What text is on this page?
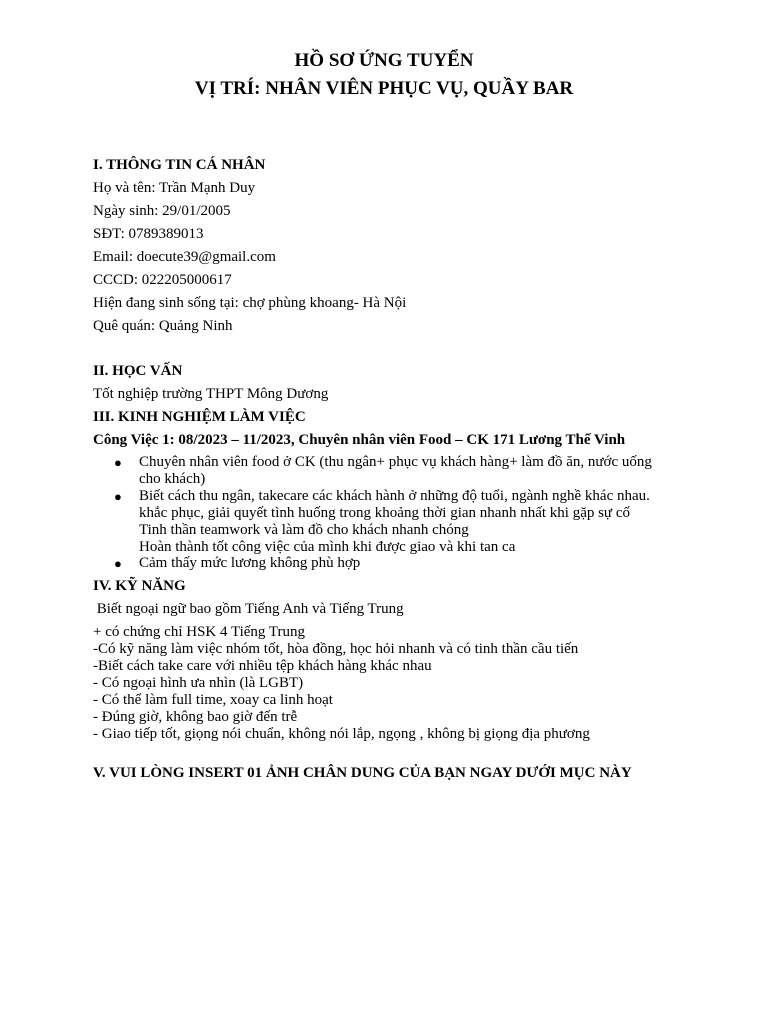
HỒ SƠ ỨNG TUYỂN
VỊ TRÍ: NHÂN VIÊN PHỤC VỤ, QUẦY BAR
I. THÔNG TIN CÁ NHÂN
Họ và tên: Trần Mạnh Duy
Ngày sinh: 29/01/2005
SĐT: 0789389013
Email: doecute39@gmail.com
CCCD: 022205000617
Hiện đang sinh sống tại: chợ phùng khoang- Hà Nội
Quê quán: Quảng Ninh
II. HỌC VẤN
Tốt nghiệp trường THPT Mông Dương
III. KINH NGHIỆM LÀM VIỆC
Công Việc 1: 08/2023 – 11/2023, Chuyên nhân viên Food – CK 171 Lương Thế Vinh
● Chuyên nhân viên food ở CK (thu ngân+ phục vụ khách hàng+ làm đồ ăn, nước uống
cho khách)
● Biết cách thu ngân, takecare các khách hành ở những độ tuổi, ngành nghề khác nhau.
khắc phục, giải quyết tình huống trong khoảng thời gian nhanh nhất khi gặp sự cố
Tinh thần teamwork và làm đồ cho khách nhanh chóng
Hoàn thành tốt công việc của mình khi được giao và khi tan ca
● Cảm thấy mức lương không phù hợp
IV. KỸ NĂNG
Biết ngoại ngữ bao gồm Tiếng Anh và Tiếng Trung
+ có chứng chỉ HSK 4 Tiếng Trung
-Có kỹ năng làm việc nhóm tốt, hòa đồng, học hỏi nhanh và có tinh thần cầu tiến
-Biết cách take care với nhiều tệp khách hàng khác nhau
- Có ngoại hình ưa nhìn (là LGBT)
- Có thể làm full time, xoay ca linh hoạt
- Đúng giờ, không bao giờ đến trễ
- Giao tiếp tốt, giọng nói chuẩn, không nói lắp, ngọng , không bị giọng địa phương
V. VUI LÒNG INSERT 01 ẢNH CHÂN DUNG CỦA BẠN NGAY DƯỚI MỤC NÀY
